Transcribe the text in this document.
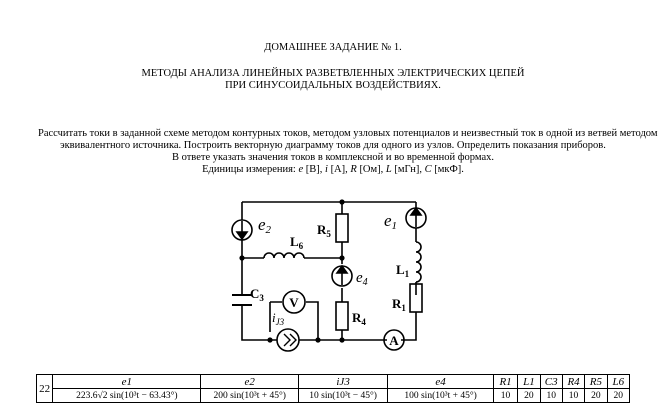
ДОМАШНЕЕ ЗАДАНИЕ № 1.
МЕТОДЫ АНАЛИЗА ЛИНЕЙНЫХ РАЗВЕТВЛЕННЫХ ЭЛЕКТРИЧЕСКИХ ЦЕПЕЙ
ПРИ СИНУСОИДАЛЬНЫХ ВОЗДЕЙСТВИЯХ.
Рассчитать токи в заданной схеме методом контурных токов, методом узловых потенциалов и неизвестный ток в одной из ветвей методом
эквивалентного источника. Построить векторную диаграмму токов для одного из узлов. Определить показания приборов.
В ответе указать значения токов в комплексной и во временной формах.
Единицы измерения: e [В], i [А], R [Ом], L [мГн], C [мкФ].
e2	e1
$e_4$
$R_5$
$L_6$
$L_1$
$C_3$	$R_1$
$R_4$
$i_{J3}$
V
A
22	e1	e2	iJ3	e4	R1	L1	C3	R4	R5	L6
	223.6√2 sin(10³t − 63.43°)	200 sin(10³t + 45°)	10 sin(10³t − 45°)	100 sin(10³t + 45°)	10	20	10	10	20	20
